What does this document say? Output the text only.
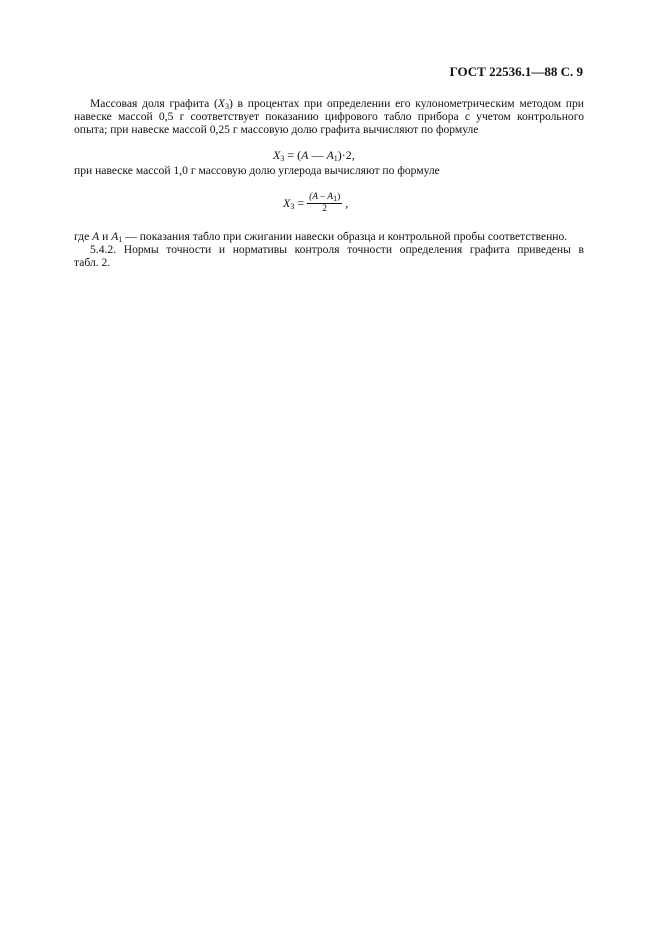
ГОСТ 22536.1—88 С. 9
Массовая доля графита $(X_3)$ в процентах при определении его кулонометрическим методом при
навеске массой 0,5 г соответствует показанию цифрового табло прибора с учетом контрольного
опыта; при навеске массой 0,25 г массовую долю графита вычисляют по формуле
$X_3 = (A$ — $A_1)\cdot 2$,
при навеске массой 1,0 г массовую долю углерода вычисляют по формуле
$X_3 = \frac{(A - A_1)}{2}$ ,
где A и $A_1$ — показания табло при сжигании навески образца и контрольной пробы соответственно.
5.4.2. Нормы точности и нормативы контроля точности определения графита приведены в
табл. 2.
